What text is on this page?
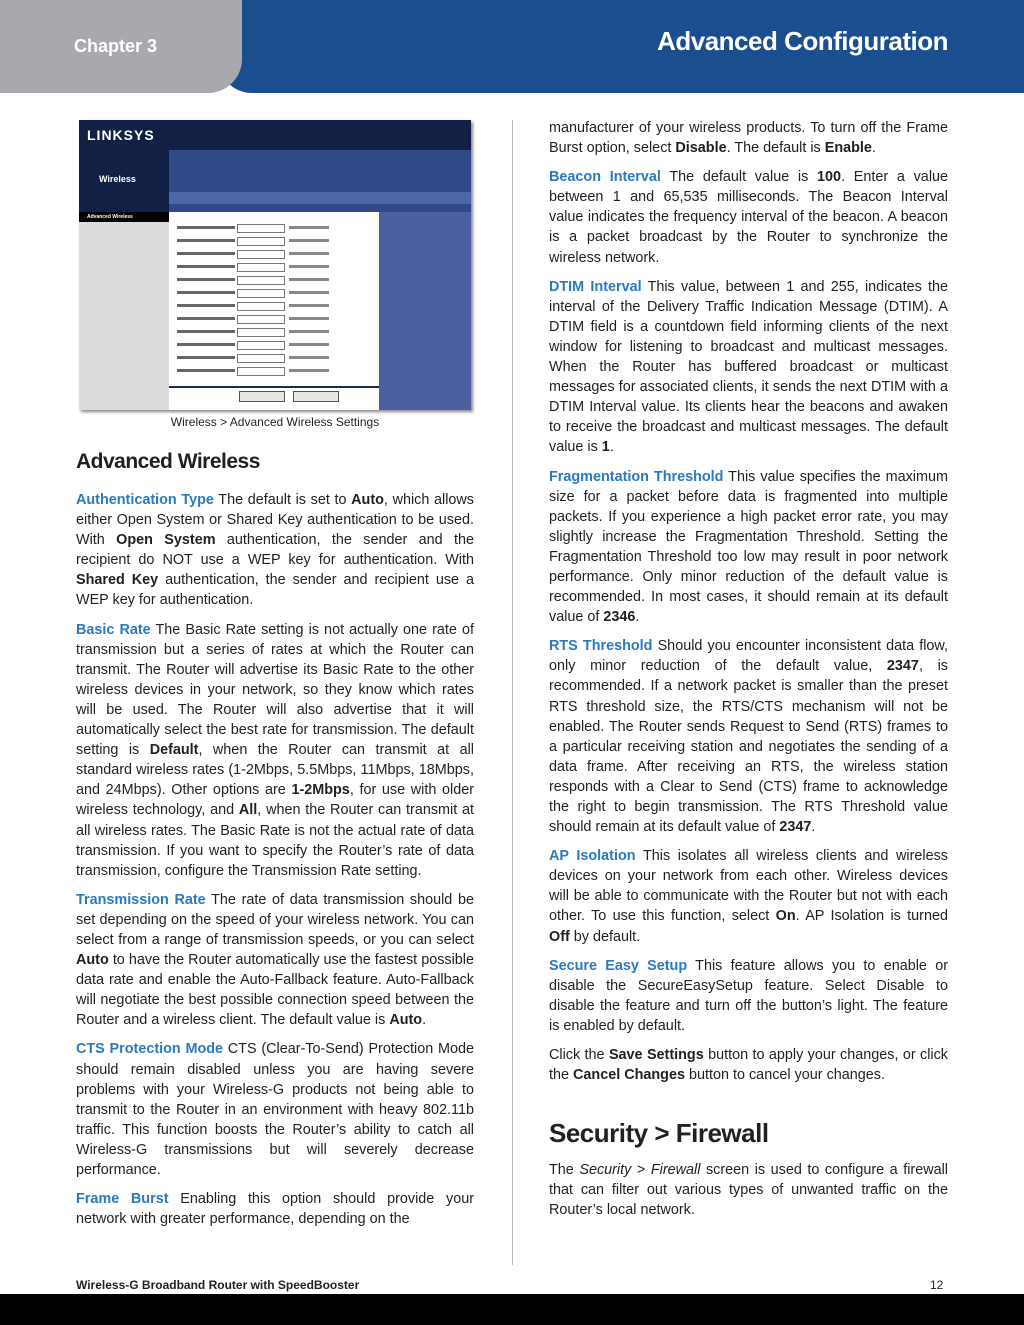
Chapter 3	Advanced Configuration
LINKSYS
Wireless
Advanced Wireless
Wireless > Advanced Wireless Settings
Advanced Wireless

Authentication Type The default is set to Auto, which allows either Open System or Shared Key authentication to be used. With Open System authentication, the sender and the recipient do NOT use a WEP key for authentication. With Shared Key authentication, the sender and recipient use a WEP key for authentication.

Basic Rate The Basic Rate setting is not actually one rate of transmission but a series of rates at which the Router can transmit. The Router will advertise its Basic Rate to the other wireless devices in your network, so they know which rates will be used. The Router will also advertise that it will automatically select the best rate for transmission. The default setting is Default, when the Router can transmit at all standard wireless rates (1-2Mbps, 5.5Mbps, 11Mbps, 18Mbps, and 24Mbps). Other options are 1-2Mbps, for use with older wireless technology, and All, when the Router can transmit at all wireless rates. The Basic Rate is not the actual rate of data transmission. If you want to specify the Router’s rate of data transmission, configure the Transmission Rate setting.

Transmission Rate The rate of data transmission should be set depending on the speed of your wireless network. You can select from a range of transmission speeds, or you can select Auto to have the Router automatically use the fastest possible data rate and enable the Auto-Fallback feature. Auto-Fallback will negotiate the best possible connection speed between the Router and a wireless client. The default value is Auto.

CTS Protection Mode CTS (Clear-To-Send) Protection Mode should remain disabled unless you are having severe problems with your Wireless-G products not being able to transmit to the Router in an environment with heavy 802.11b traffic. This function boosts the Router’s ability to catch all Wireless-G transmissions but will severely decrease performance.

Frame Burst Enabling this option should provide your network with greater performance, depending on the

manufacturer of your wireless products. To turn off the Frame Burst option, select Disable. The default is Enable.

Beacon Interval The default value is 100. Enter a value between 1 and 65,535 milliseconds. The Beacon Interval value indicates the frequency interval of the beacon. A beacon is a packet broadcast by the Router to synchronize the wireless network.

DTIM Interval This value, between 1 and 255, indicates the interval of the Delivery Traffic Indication Message (DTIM). A DTIM field is a countdown field informing clients of the next window for listening to broadcast and multicast messages. When the Router has buffered broadcast or multicast messages for associated clients, it sends the next DTIM with a DTIM Interval value. Its clients hear the beacons and awaken to receive the broadcast and multicast messages. The default value is 1.

Fragmentation Threshold This value specifies the maximum size for a packet before data is fragmented into multiple packets. If you experience a high packet error rate, you may slightly increase the Fragmentation Threshold. Setting the Fragmentation Threshold too low may result in poor network performance. Only minor reduction of the default value is recommended. In most cases, it should remain at its default value of 2346.

RTS Threshold Should you encounter inconsistent data flow, only minor reduction of the default value, 2347, is recommended. If a network packet is smaller than the preset RTS threshold size, the RTS/CTS mechanism will not be enabled. The Router sends Request to Send (RTS) frames to a particular receiving station and negotiates the sending of a data frame. After receiving an RTS, the wireless station responds with a Clear to Send (CTS) frame to acknowledge the right to begin transmission. The RTS Threshold value should remain at its default value of 2347.

AP Isolation This isolates all wireless clients and wireless devices on your network from each other. Wireless devices will be able to communicate with the Router but not with each other. To use this function, select On. AP Isolation is turned Off by default.

Secure Easy Setup This feature allows you to enable or disable the SecureEasySetup feature. Select Disable to disable the feature and turn off the button’s light. The feature is enabled by default.

Click the Save Settings button to apply your changes, or click the Cancel Changes button to cancel your changes.

Security > Firewall

The Security > Firewall screen is used to configure a firewall that can filter out various types of unwanted traffic on the Router’s local network.

Wireless-G Broadband Router with SpeedBooster	12
